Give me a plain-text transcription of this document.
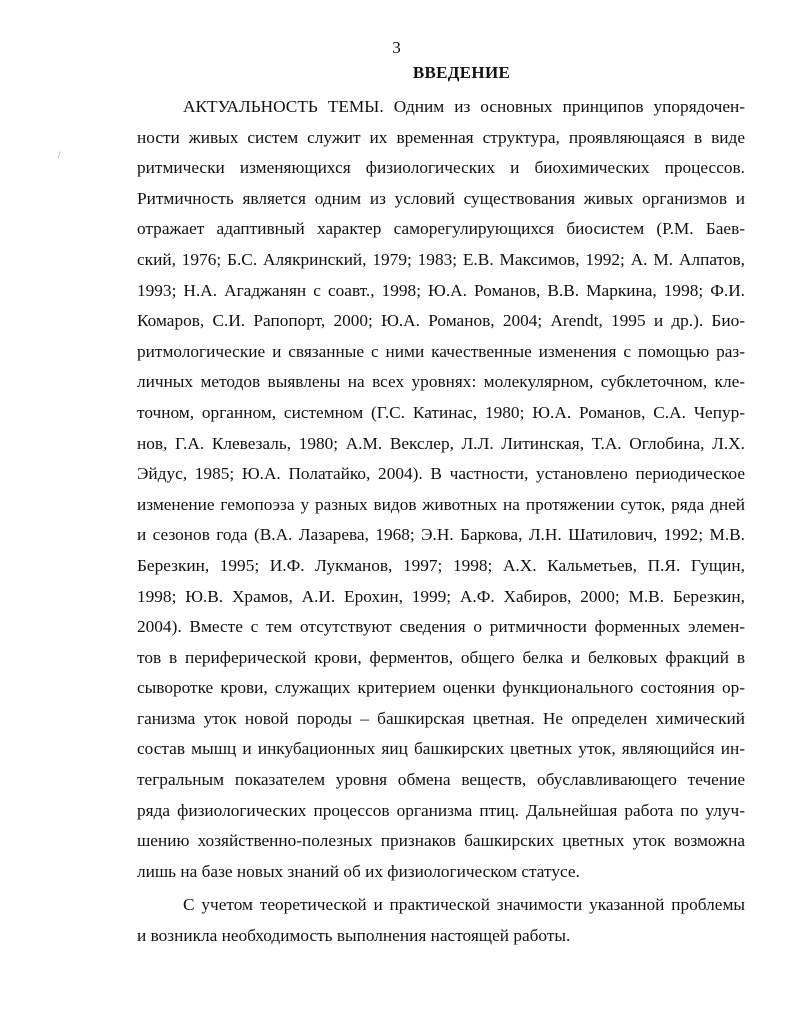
3
ВВЕДЕНИЕ
/
АКТУАЛЬНОСТЬ ТЕМЫ. Одним из основных принципов упорядочен-
ности живых систем служит их временная структура, проявляющаяся в виде
ритмически изменяющихся физиологических и биохимических процессов.
Ритмичность является одним из условий существования живых организмов и
отражает адаптивный характер саморегулирующихся биосистем (Р.М. Баев-
ский, 1976; Б.С. Алякринский, 1979; 1983; Е.В. Максимов, 1992; А. М. Алпатов,
1993; Н.А. Агаджанян с соавт., 1998; Ю.А. Романов, В.В. Маркина, 1998; Ф.И.
Комаров, С.И. Рапопорт, 2000; Ю.А. Романов, 2004; Arendt, 1995 и др.). Био-
ритмологические и связанные с ними качественные изменения с помощью раз-
личных методов выявлены на всех уровнях: молекулярном, субклеточном, кле-
точном, органном, системном (Г.С. Катинас, 1980; Ю.А. Романов, С.А. Чепур-
нов, Г.А. Клевезаль, 1980; А.М. Векслер, Л.Л. Литинская, Т.А. Оглобина, Л.Х.
Эйдус, 1985; Ю.А. Полатайко, 2004). В частности, установлено периодическое
изменение гемопоэза у разных видов животных на протяжении суток, ряда дней
и сезонов года (В.А. Лазарева, 1968; Э.Н. Баркова, Л.Н. Шатилович, 1992; М.В.
Березкин, 1995; И.Ф. Лукманов, 1997; 1998; А.Х. Кальметьев, П.Я. Гущин,
1998; Ю.В. Храмов, А.И. Ерохин, 1999; А.Ф. Хабиров, 2000; М.В. Березкин,
2004). Вместе с тем отсутствуют сведения о ритмичности форменных элемен-
тов в периферической крови, ферментов, общего белка и белковых фракций в
сыворотке крови, служащих критерием оценки функционального состояния ор-
ганизма уток новой породы – башкирская цветная. Не определен химический
состав мышц и инкубационных яиц башкирских цветных уток, являющийся ин-
тегральным показателем уровня обмена веществ, обуславливающего течение
ряда физиологических процессов организма птиц. Дальнейшая работа по улуч-
шению хозяйственно-полезных признаков башкирских цветных уток возможна
лишь на базе новых знаний об их физиологическом статусе.
С учетом теоретической и практической значимости указанной проблемы
и возникла необходимость выполнения настоящей работы.
